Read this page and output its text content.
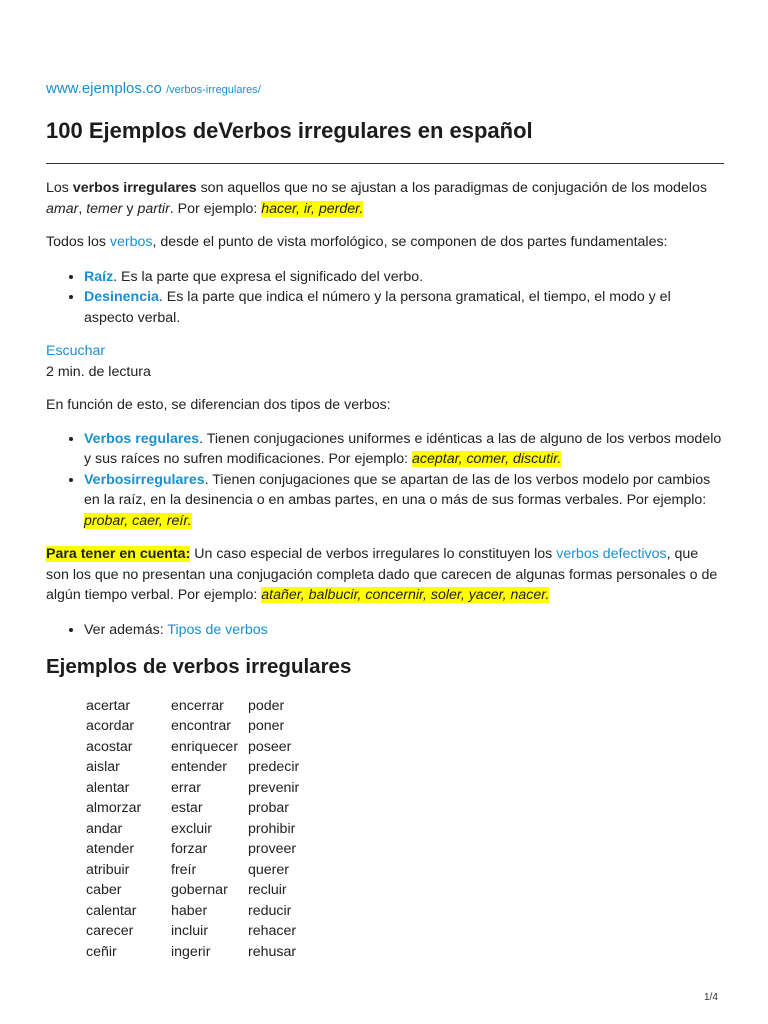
www.ejemplos.co /verbos-irregulares/
100 Ejemplos deVerbos irregulares en español

Los verbos irregulares son aquellos que no se ajustan a los paradigmas de conjugación de los modelos amar, temer y partir. Por ejemplo: hacer, ir, perder.

Todos los verbos, desde el punto de vista morfológico, se componen de dos partes fundamentales:

• Raíz. Es la parte que expresa el significado del verbo.
• Desinencia. Es la parte que indica el número y la persona gramatical, el tiempo, el modo y el aspecto verbal.

Escuchar
2 min. de lectura

En función de esto, se diferencian dos tipos de verbos:

• Verbos regulares. Tienen conjugaciones uniformes e idénticas a las de alguno de los verbos modelo y sus raíces no sufren modificaciones. Por ejemplo: aceptar, comer, discutir.
• Verbosirregulares. Tienen conjugaciones que se apartan de las de los verbos modelo por cambios en la raíz, en la desinencia o en ambas partes, en una o más de sus formas verbales. Por ejemplo: probar, caer, reír.

Para tener en cuenta: Un caso especial de verbos irregulares lo constituyen los verbos defectivos, que son los que no presentan una conjugación completa dado que carecen de algunas formas personales o de algún tiempo verbal. Por ejemplo: atañer, balbucir, concernir, soler, yacer, nacer.

• Ver además: Tipos de verbos
Ejemplos de verbos irregulares
acertar	encerrar	poder
acordar	encontrar	poner
acostar	enriquecer	poseer
aislar	entender	predecir
alentar	errar	prevenir
almorzar	estar	probar
andar	excluir	prohibir
atender	forzar	proveer
atribuir	freír	querer
caber	gobernar	recluir
calentar	haber	reducir
carecer	incluir	rehacer
ceñir	ingerir	rehusar
1/4
